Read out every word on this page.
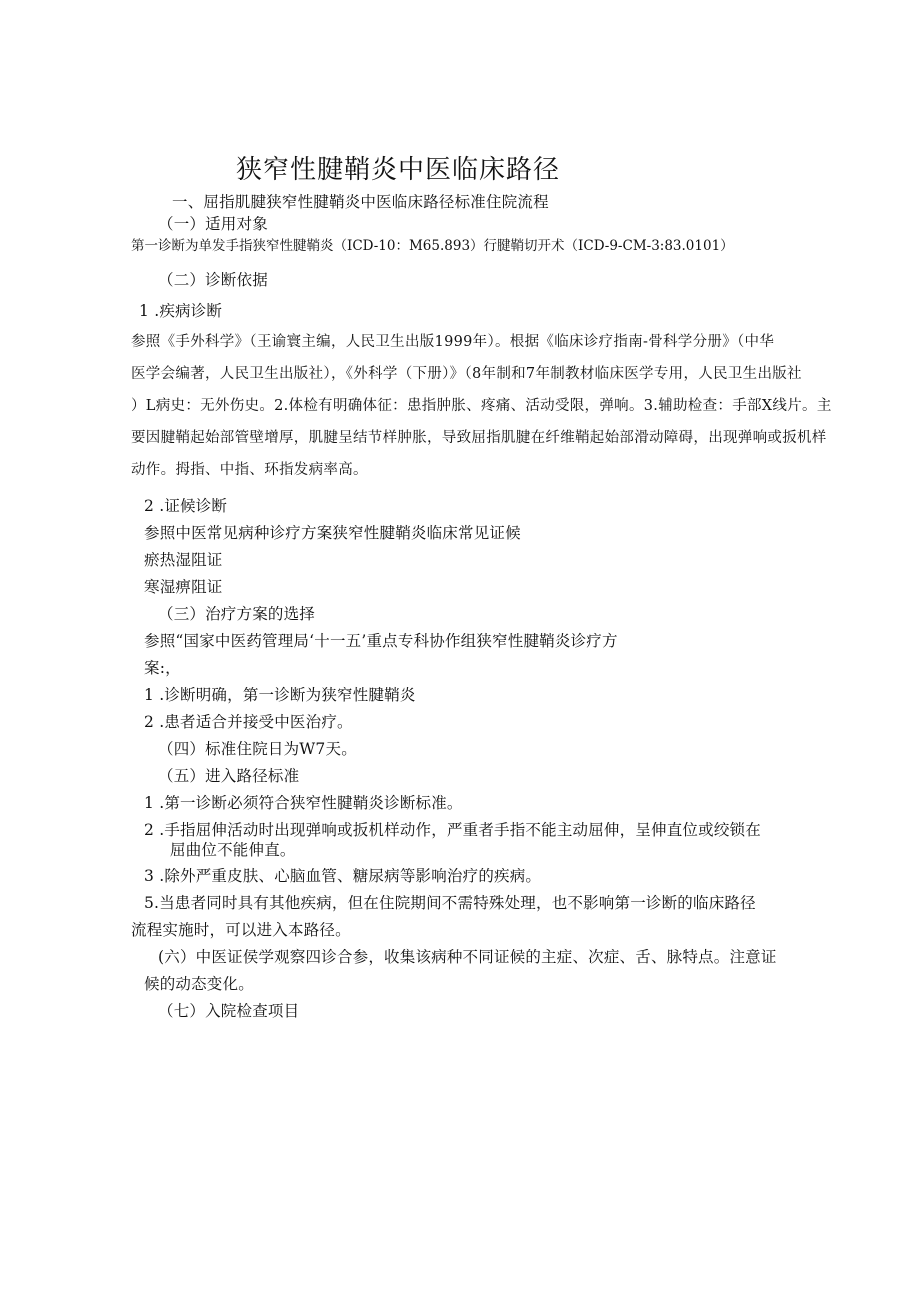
狭窄性腱鞘炎中医临床路径
一、屈指肌腱狭窄性腱鞘炎中医临床路径标准住院流程
（一）适用对象
第一诊断为单发手指狭窄性腱鞘炎（ICD-10：M65.893）行腱鞘切开术（ICD-9-CM-3:83.0101）
（二）诊断依据
1 .疾病诊断
参照《手外科学》（王谕寰主编，人民卫生出版1999年）。根据《临床诊疗指南-骨科学分册》（中华
医学会编著，人民卫生出版社），《外科学（下册）》（8年制和7年制教材临床医学专用，人民卫生出版社
）L病史：无外伤史。2.体检有明确体征：患指肿胀、疼痛、活动受限，弹响。3.辅助检查：手部X线片。主
要因腱鞘起始部管壁增厚，肌腱呈结节样肿胀，导致屈指肌腱在纤维鞘起始部滑动障碍，出现弹响或扳机样
动作。拇指、中指、环指发病率高。
2 .证候诊断
参照中医常见病种诊疗方案狭窄性腱鞘炎临床常见证候
瘀热湿阻证
寒湿痹阻证
（三）治疗方案的选择
参照“国家中医药管理局‘十一五’重点专科协作组狭窄性腱鞘炎诊疗方
案:，
1 .诊断明确，第一诊断为狭窄性腱鞘炎
2 .患者适合并接受中医治疗。
（四）标准住院日为W7天。
（五）进入路径标准
1 .第一诊断必须符合狭窄性腱鞘炎诊断标准。
2 .手指屈伸活动时出现弹响或扳机样动作，严重者手指不能主动屈伸，呈伸直位或绞锁在
屈曲位不能伸直。
3 .除外严重皮肤、心脑血管、糖尿病等影响治疗的疾病。
5.当患者同时具有其他疾病，但在住院期间不需特殊处理，也不影响第一诊断的临床路径
流程实施时，可以进入本路径。
(六）中医证侯学观察四诊合参，收集该病种不同证候的主症、次症、舌、脉特点。注意证
候的动态变化。
（七）入院检查项目
